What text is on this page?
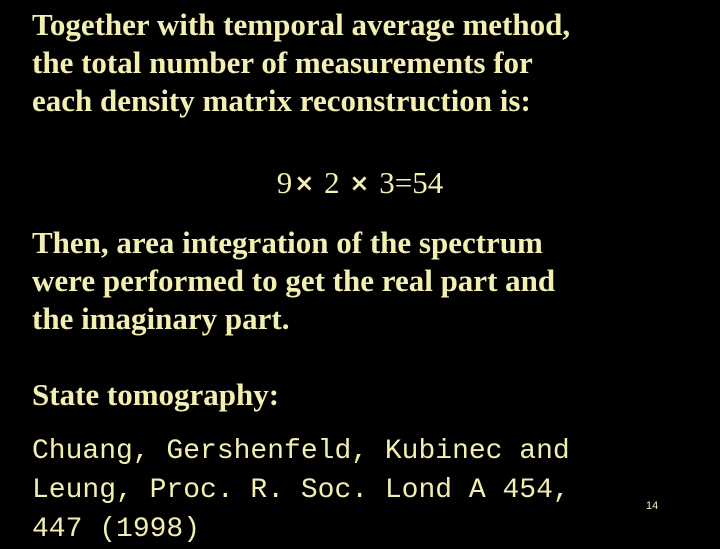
Together with temporal average method,
the total number of measurements for
each density matrix reconstruction is:
9× 2 × 3=54
Then, area integration of the spectrum
were performed to get the real part and
the imaginary part.
State tomography:
Chuang, Gershenfeld, Kubinec and
Leung, Proc. R. Soc. Lond A 454,
447 (1998)
14
